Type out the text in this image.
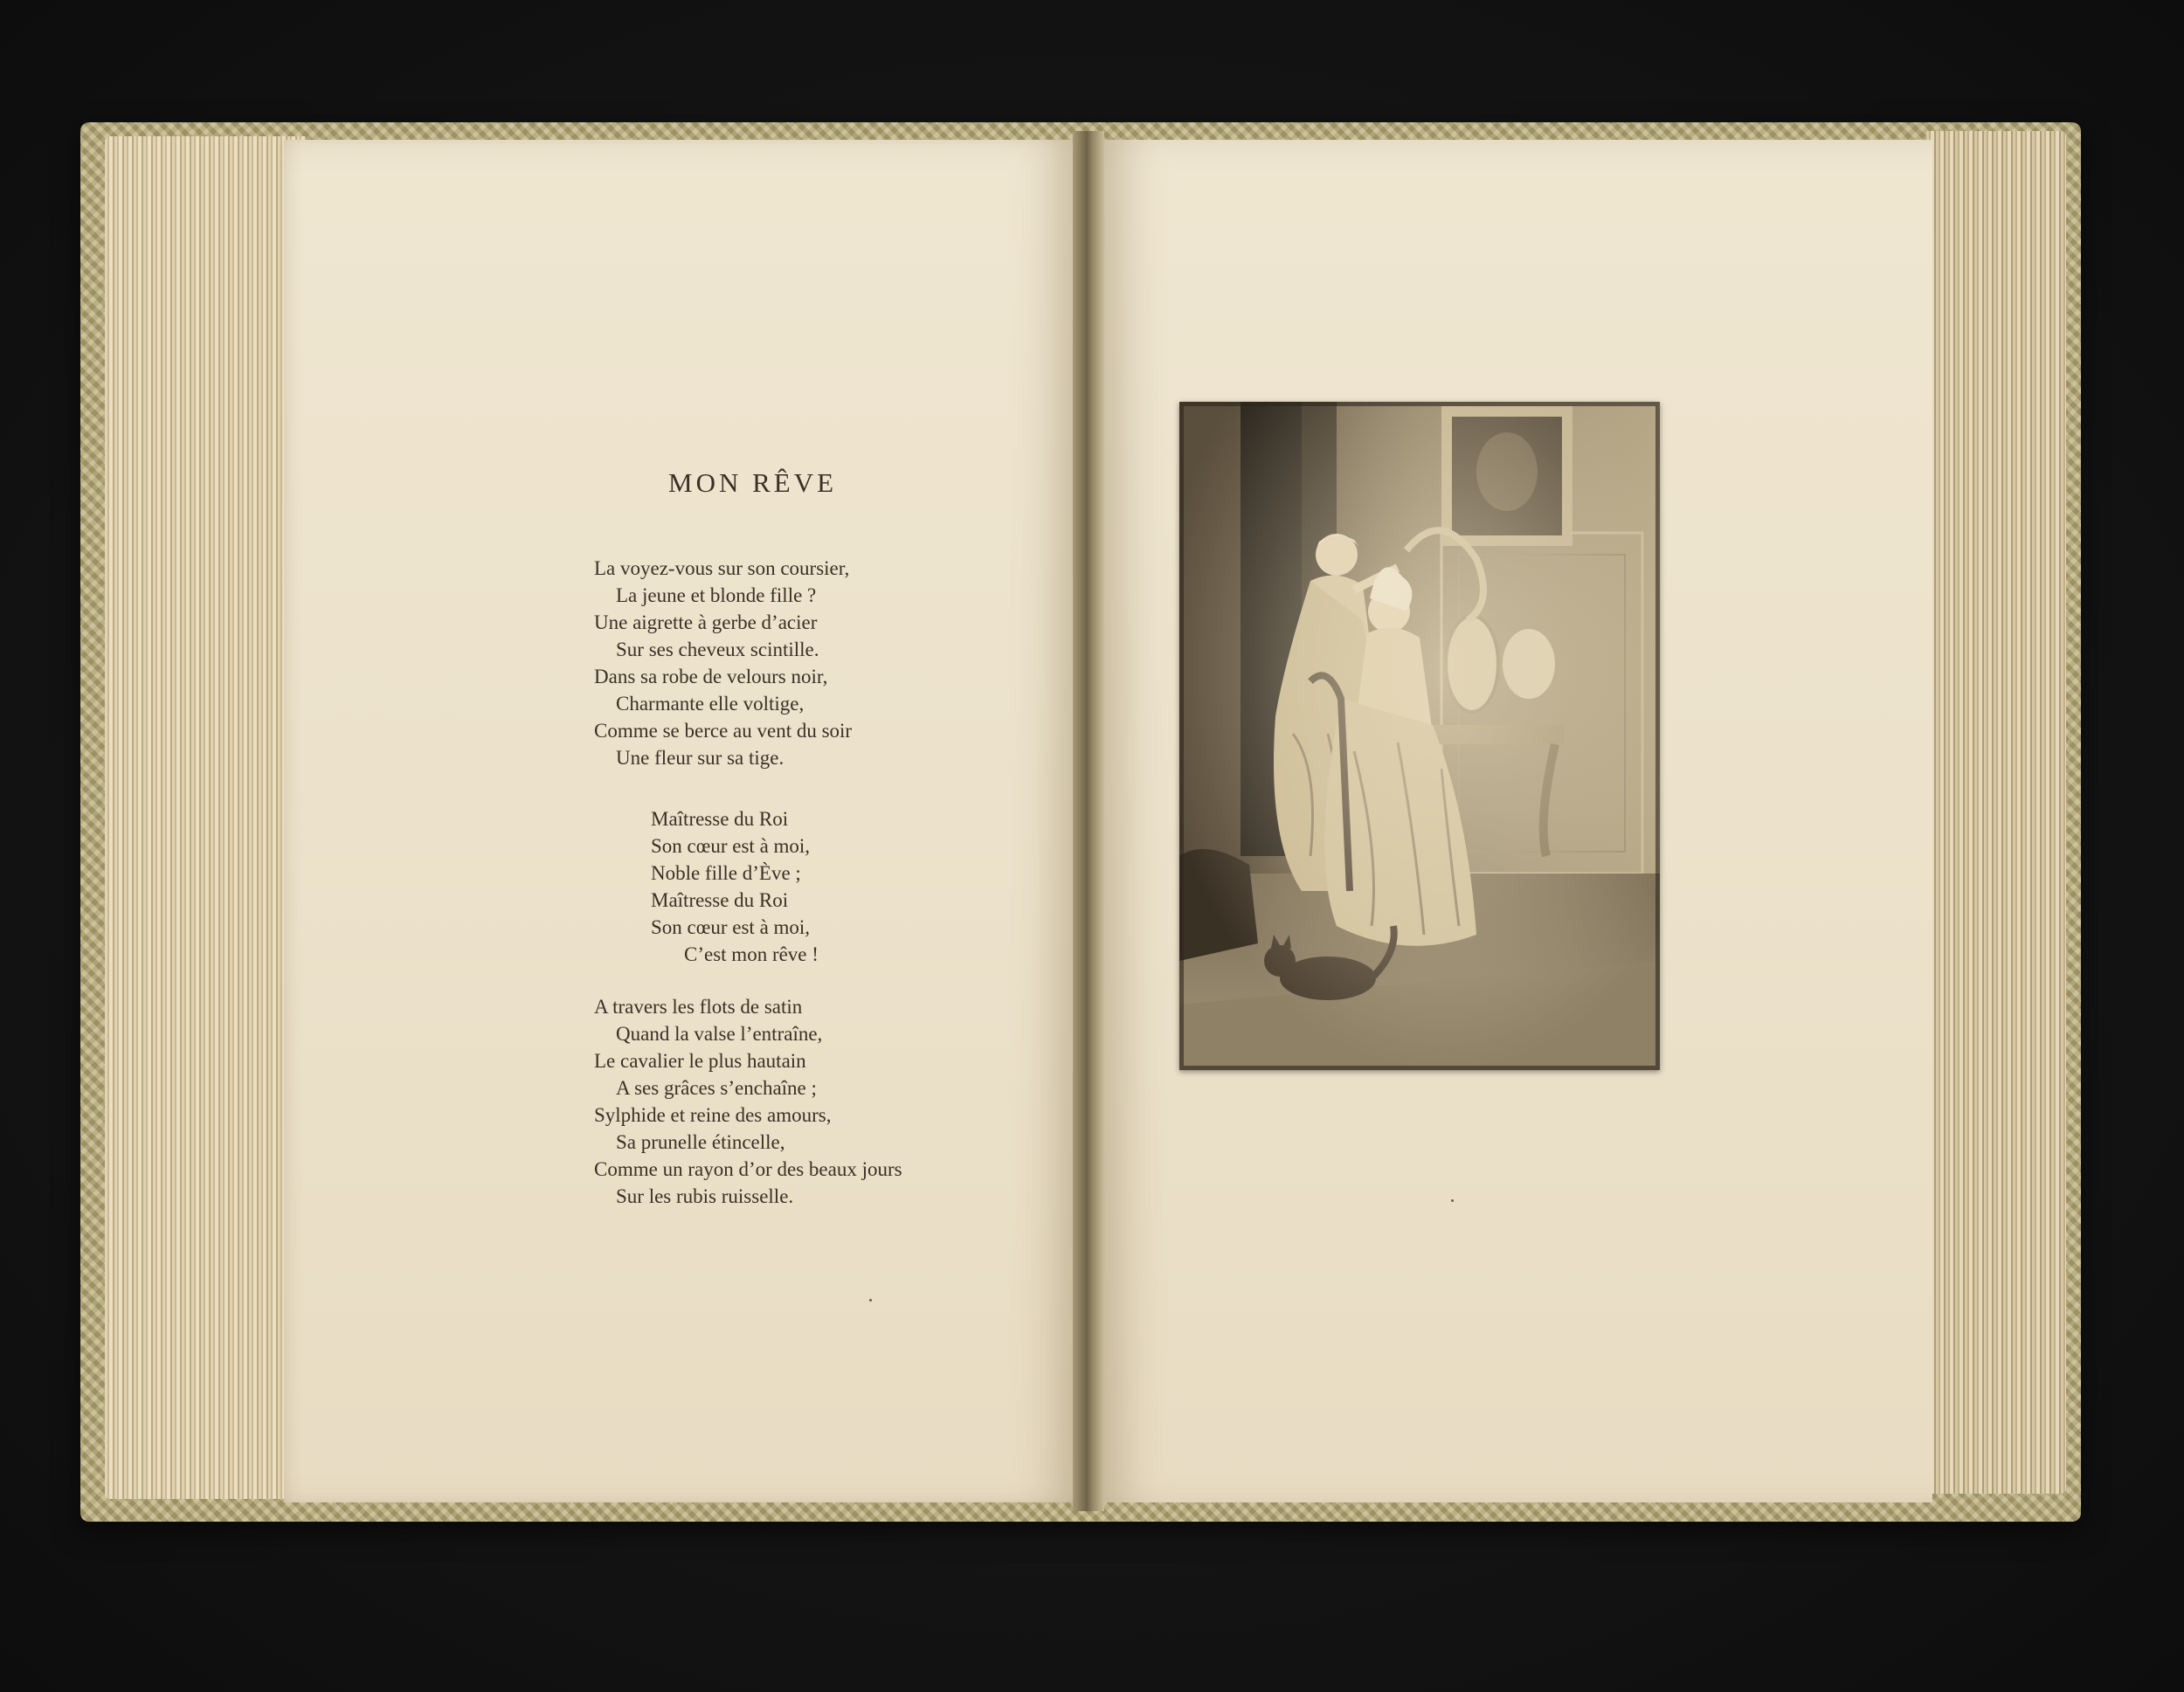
MON RÊVE
La voyez-vous sur son coursier,
La jeune et blonde fille ?
Une aigrette à gerbe d’acier
Sur ses cheveux scintille.
Dans sa robe de velours noir,
Charmante elle voltige,
Comme se berce au vent du soir
Une fleur sur sa tige.
Maîtresse du Roi
Son cœur est à moi,
Noble fille d’Ève ;
Maîtresse du Roi
Son cœur est à moi,
C’est mon rêve !
A travers les flots de satin
Quand la valse l’entraîne,
Le cavalier le plus hautain
A ses grâces s’enchaîne ;
Sylphide et reine des amours,
Sa prunelle étincelle,
Comme un rayon d’or des beaux jours
Sur les rubis ruisselle.
